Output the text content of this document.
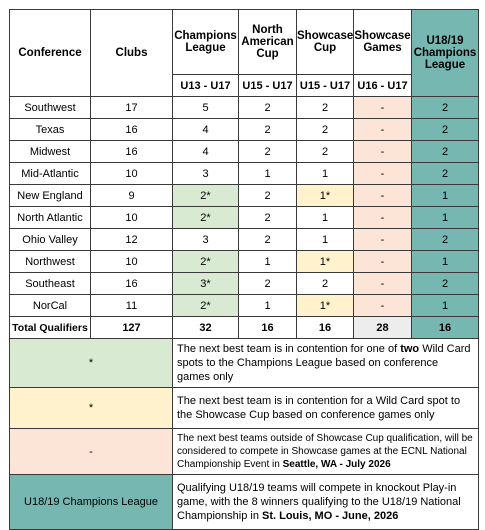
Conference	Clubs	Champions League	North American Cup	Showcase Cup	Showcase Games	U18/19 Champions League
		U13 - U17	U15 - U17	U15 - U17	U16 - U17	
Southwest	17	5	2	2	-	2
Texas	16	4	2	2	-	2
Midwest	16	4	2	2	-	2
Mid-Atlantic	10	3	1	1	-	2
New England	9	2*	2	1*	-	1
North Atlantic	10	2*	2	1	-	1
Ohio Valley	12	3	2	1	-	2
Northwest	10	2*	1	1*	-	1
Southeast	16	3*	2	2	-	2
NorCal	11	2*	1	1*	-	1
Total Qualifiers	127	32	16	16	28	16
*		The next best team is in contention for one of two Wild Card spots to the Champions League based on conference games only				
*		The next best team is in contention for a Wild Card spot to the Showcase Cup based on conference games only				
-		The next best teams outside of Showcase Cup qualification, will be considered to compete in Showcase games at the ECNL National Championship Event in Seattle, WA - July 2026				
U18/19 Champions League		Qualifying U18/19 teams will compete in knockout Play-in game, with the 8 winners qualifying to the U18/19 National Championship in St. Louis, MO - June, 2026				
